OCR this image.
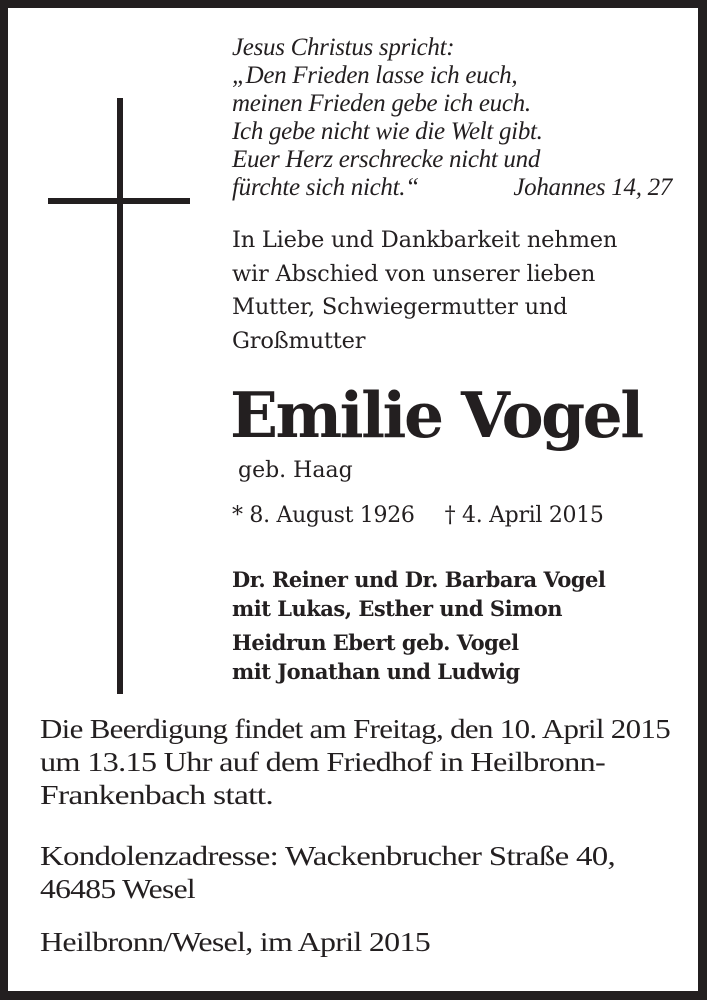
Jesus Christus spricht:
„Den Frieden lasse ich euch,
meinen Frieden gebe ich euch.
Ich gebe nicht wie die Welt gibt.
Euer Herz erschrecke nicht und
fürchte sich nicht.“	Johannes 14, 27
In Liebe und Dankbarkeit nehmen
wir Abschied von unserer lieben
Mutter, Schwiegermutter und
Großmutter
Emilie Vogel
geb. Haag
* 8. August 1926 † 4. April 2015
Dr. Reiner und Dr. Barbara Vogel
mit Lukas, Esther und Simon
Heidrun Ebert geb. Vogel
mit Jonathan und Ludwig
Die Beerdigung findet am Freitag, den 10. April 2015
um 13.15 Uhr auf dem Friedhof in Heilbronn-
Frankenbach statt.
Kondolenzadresse: Wackenbrucher Straße 40,
46485 Wesel
Heilbronn/Wesel, im April 2015
